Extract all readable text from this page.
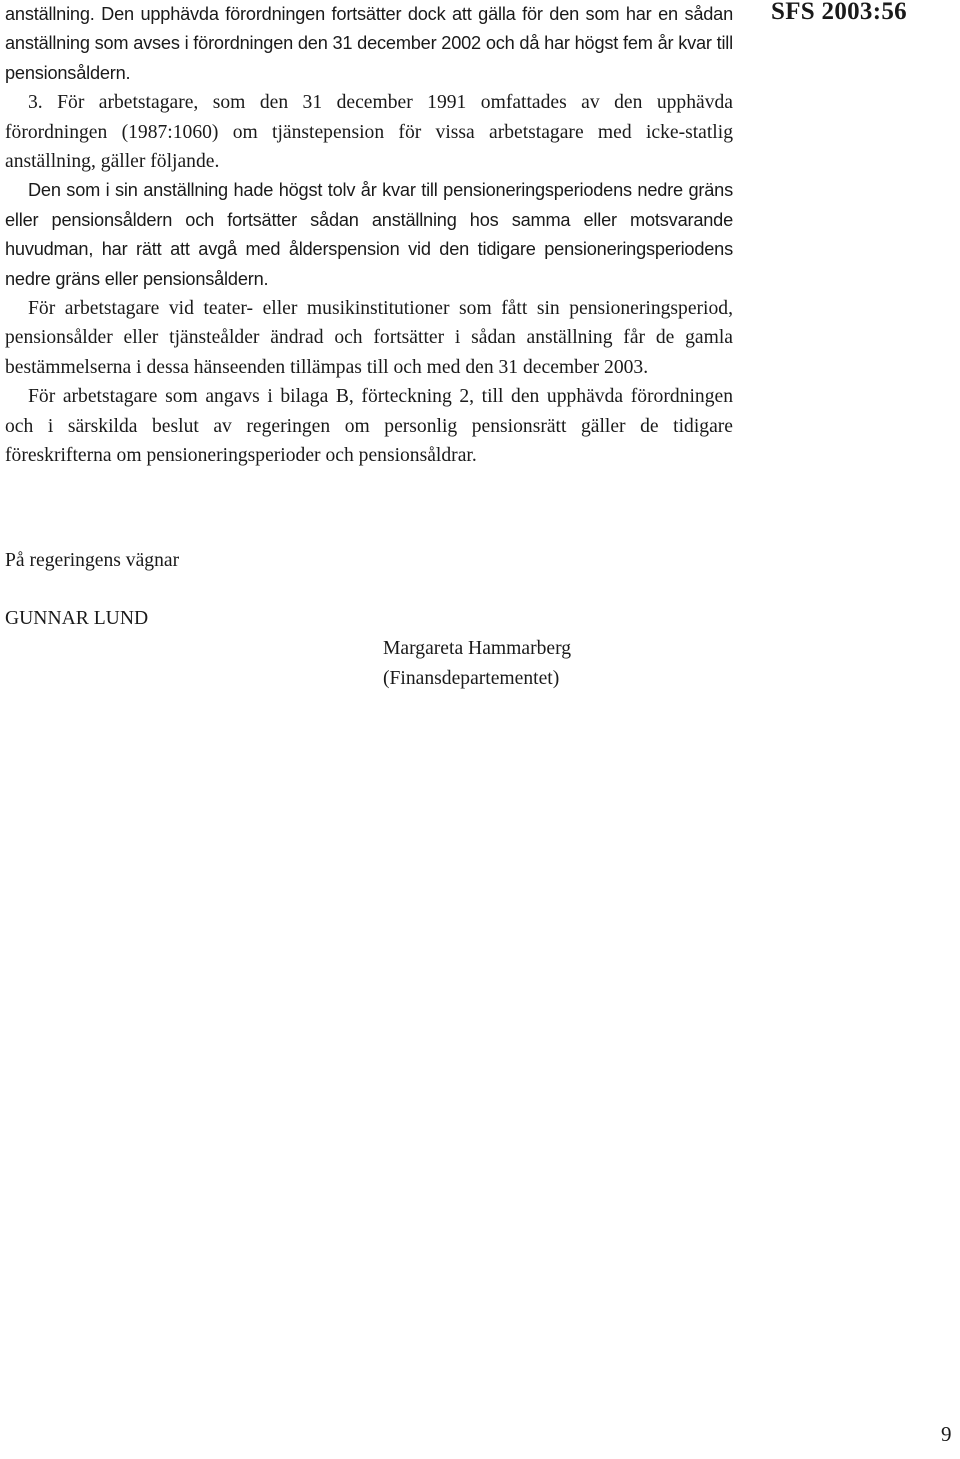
SFS 2003:56

anställning. Den upphävda förordningen fortsätter dock att gälla för den som har en sådan anställning som avses i förordningen den 31 december 2002 och då har högst fem år kvar till pensionsåldern.

3. För arbetstagare, som den 31 december 1991 omfattades av den upphävda förordningen (1987:1060) om tjänstepension för vissa arbetstagare med icke-statlig anställning, gäller följande.

Den som i sin anställning hade högst tolv år kvar till pensioneringsperiodens nedre gräns eller pensionsåldern och fortsätter sådan anställning hos samma eller motsvarande huvudman, har rätt att avgå med ålderspension vid den tidigare pensioneringsperiodens nedre gräns eller pensionsåldern.

För arbetstagare vid teater- eller musikinstitutioner som fått sin pensioneringsperiod, pensionsålder eller tjänsteålder ändrad och fortsätter i sådan anställning får de gamla bestämmelserna i dessa hänseenden tillämpas till och med den 31 december 2003.

För arbetstagare som angavs i bilaga B, förteckning 2, till den upphävda förordningen och i särskilda beslut av regeringen om personlig pensionsrätt gäller de tidigare föreskrifterna om pensioneringsperioder och pensionsåldrar.

På regeringens vägnar

GUNNAR LUND

Margareta Hammarberg

(Finansdepartementet)

9
